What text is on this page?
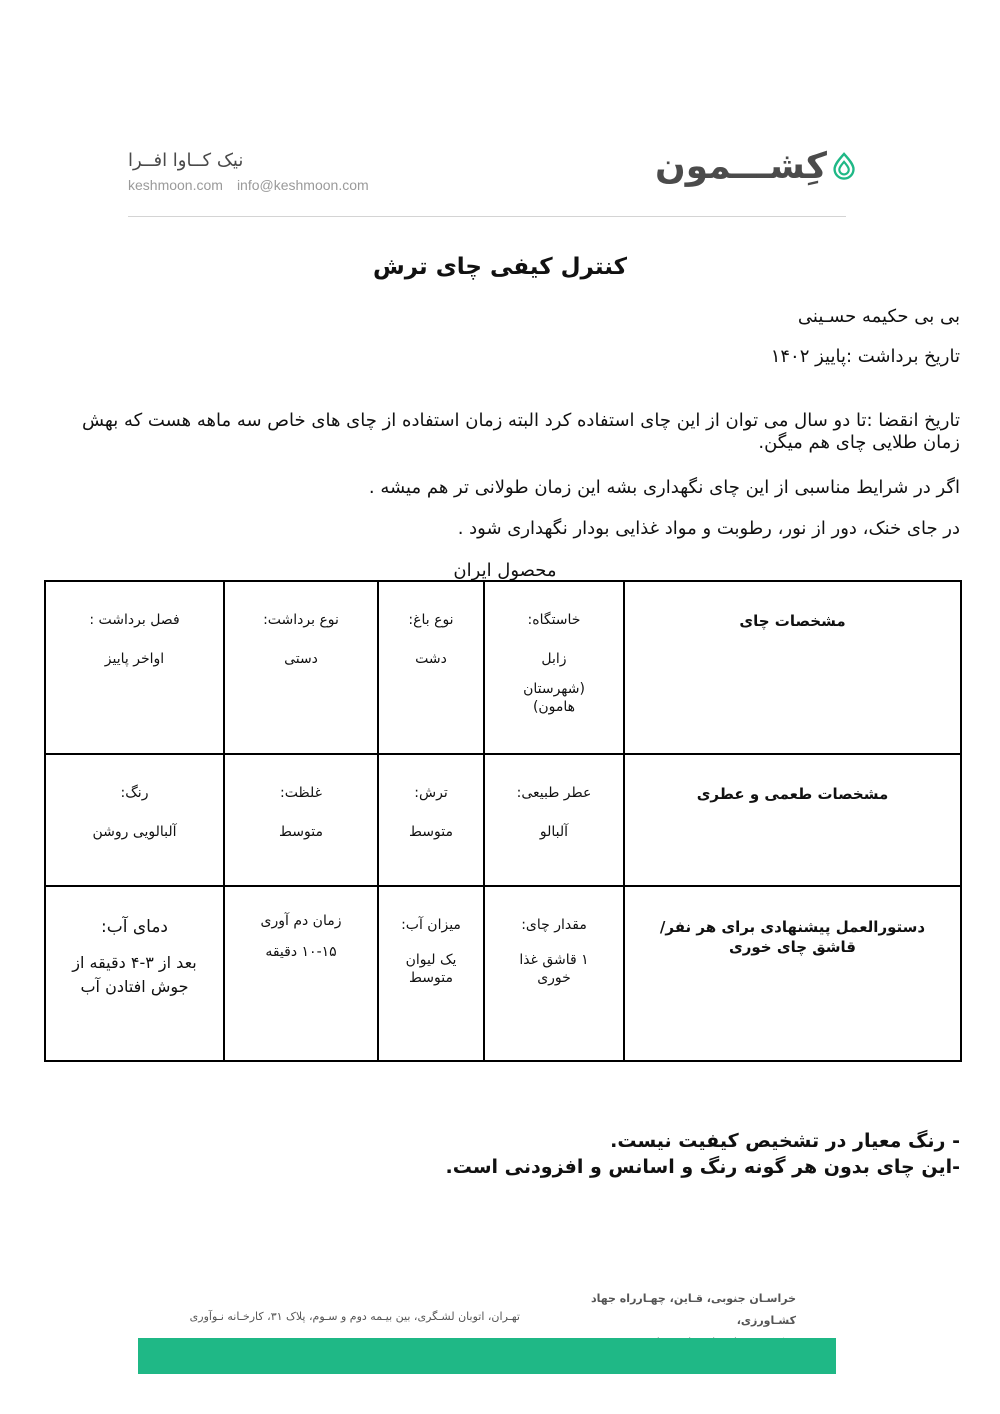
نیک کــاوا افــرا
keshmoon.com info@keshmoon.com	کِشـــمون
کنترل کیفی چای ترش
بی بی حکیمه حسـینی
تاریخ برداشت :پاییز ۱۴۰۲
تاریخ انقضا :تا دو سال می توان از این چای استفاده کرد البته زمان استفاده از چای های خاص سه ماهه هست که بهش زمان طلایی چای هم میگن.
اگر در شرایط مناسبی از این چای نگهداری بشه این زمان طولانی تر هم میشه .
در جای خنک، دور از نور، رطوبت و مواد غذایی بودار نگهداری شود .
محصول ایران
فصل برداشت :
اواخر پاییز
نوع برداشت:
دستی
نوع باغ:
دشت
خاستگاه:
زابل
(شهرستان هامون)
مشخصات چای
رنگ:
آلبالویی روشن
غلظت:
متوسط
ترش:
متوسط
عطر طبیعی:
آلبالو
مشخصات طعمی و عطری
دمای آب:
بعد از ۳-۴ دقیقه از جوش افتادن آب
زمان دم آوری
۱۰-۱۵ دقیقه
میزان آب:
یک لیوان متوسط
مقدار چای:
۱ قاشق غذا خوری
دستورالعمل پیشنهادی برای هر نفر/ قاشق چای خوری
- رنگ معیار در تشخیص کیفیت نیست.
-این چای بدون هر گونه رنگ و اسانس و افزودنی است.
خراسـان جنوبی، قـاین، چهـارراه جهاد کشـاورزی،
تهـران، اتوبان لشـگری، بین بیـمه دوم و سـوم، پلاک ۳۱، کارخـانه نـوآوری
